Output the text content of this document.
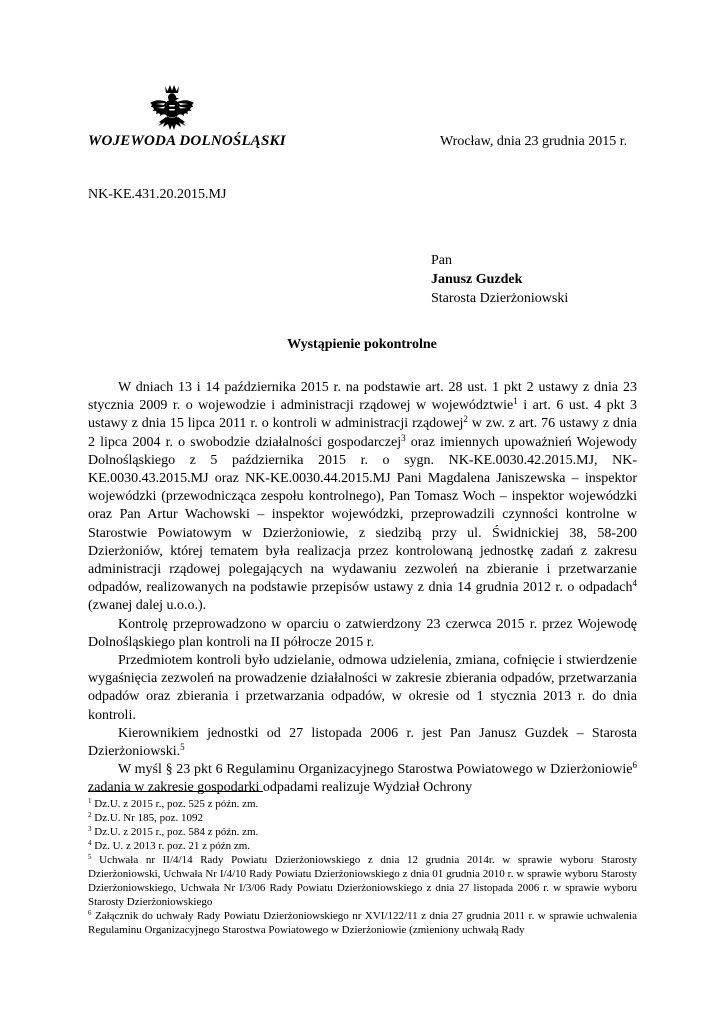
WOJEWODA DOLNOŚLĄSKI	Wrocław, dnia 23 grudnia 2015 r.
NK-KE.431.20.2015.MJ
Pan
Janusz Guzdek
Starosta Dzierżoniowski
Wystąpienie pokontrolne

W dniach 13 i 14 października 2015 r. na podstawie art. 28 ust. 1 pkt 2 ustawy z dnia 23 stycznia 2009 r. o wojewodzie i administracji rządowej w województwie$^1$ i art. 6 ust. 4 pkt 3 ustawy z dnia 15 lipca 2011 r. o kontroli w administracji rządowej$^2$ w zw. z art. 76 ustawy z dnia 2 lipca 2004 r. o swobodzie działalności gospodarczej$^3$ oraz imiennych upoważnień Wojewody Dolnośląskiego z 5 października 2015 r. o sygn. NK-KE.0030.42.2015.MJ, NK-KE.0030.43.2015.MJ oraz NK-KE.0030.44.2015.MJ Pani Magdalena Janiszewska – inspektor wojewódzki (przewodnicząca zespołu kontrolnego), Pan Tomasz Woch – inspektor wojewódzki oraz Pan Artur Wachowski – inspektor wojewódzki, przeprowadzili czynności kontrolne w Starostwie Powiatowym w Dzierżoniowie, z siedzibą przy ul. Świdnickiej 38, 58-200 Dzierżoniów, której tematem była realizacja przez kontrolowaną jednostkę zadań z zakresu administracji rządowej polegających na wydawaniu zezwoleń na zbieranie i przetwarzanie odpadów, realizowanych na podstawie przepisów ustawy z dnia 14 grudnia 2012 r. o odpadach$^4$ (zwanej dalej u.o.o.).

Kontrolę przeprowadzono w oparciu o zatwierdzony 23 czerwca 2015 r. przez Wojewodę Dolnośląskiego plan kontroli na II półrocze 2015 r.

Przedmiotem kontroli było udzielanie, odmowa udzielenia, zmiana, cofnięcie i stwierdzenie wygaśnięcia zezwoleń na prowadzenie działalności w zakresie zbierania odpadów, przetwarzania odpadów oraz zbierania i przetwarzania odpadów, w okresie od 1 stycznia 2013 r. do dnia kontroli.

Kierownikiem jednostki od 27 listopada 2006 r. jest Pan Janusz Guzdek – Starosta Dzierżoniowski.$^5$

W myśl § 23 pkt 6 Regulaminu Organizacyjnego Starostwa Powiatowego w Dzierżoniowie$^6$ zadania w zakresie gospodarki odpadami realizuje Wydział Ochrony

$^1$ Dz.U. z 2015 r., poz. 525 z późn. zm.

$^2$ Dz.U. Nr 185, poz. 1092

$^3$ Dz.U. z 2015 r., poz. 584 z późn. zm.

$^4$ Dz. U. z 2013 r. poz. 21 z późn zm.

$^5$ Uchwała nr II/4/14 Rady Powiatu Dzierżoniowskiego z dnia 12 grudnia 2014r. w sprawie wyboru Starosty Dzierżoniowski, Uchwała Nr I/4/10 Rady Powiatu Dzierżoniowskiego z dnia 01 grudnia 2010 r. w sprawie wyboru Starosty Dzierżoniowskiego, Uchwała Nr I/3/06 Rady Powiatu Dzierżoniowskiego z dnia 27 listopada 2006 r. w sprawie wyboru Starosty Dzierżoniowskiego

$^6$ Załącznik do uchwały Rady Powiatu Dzierżoniowskiego nr XVI/122/11 z dnia 27 grudnia 2011 r. w sprawie uchwalenia Regulaminu Organizacyjnego Starostwa Powiatowego w Dzierżoniowie (zmieniony uchwałą Rady
